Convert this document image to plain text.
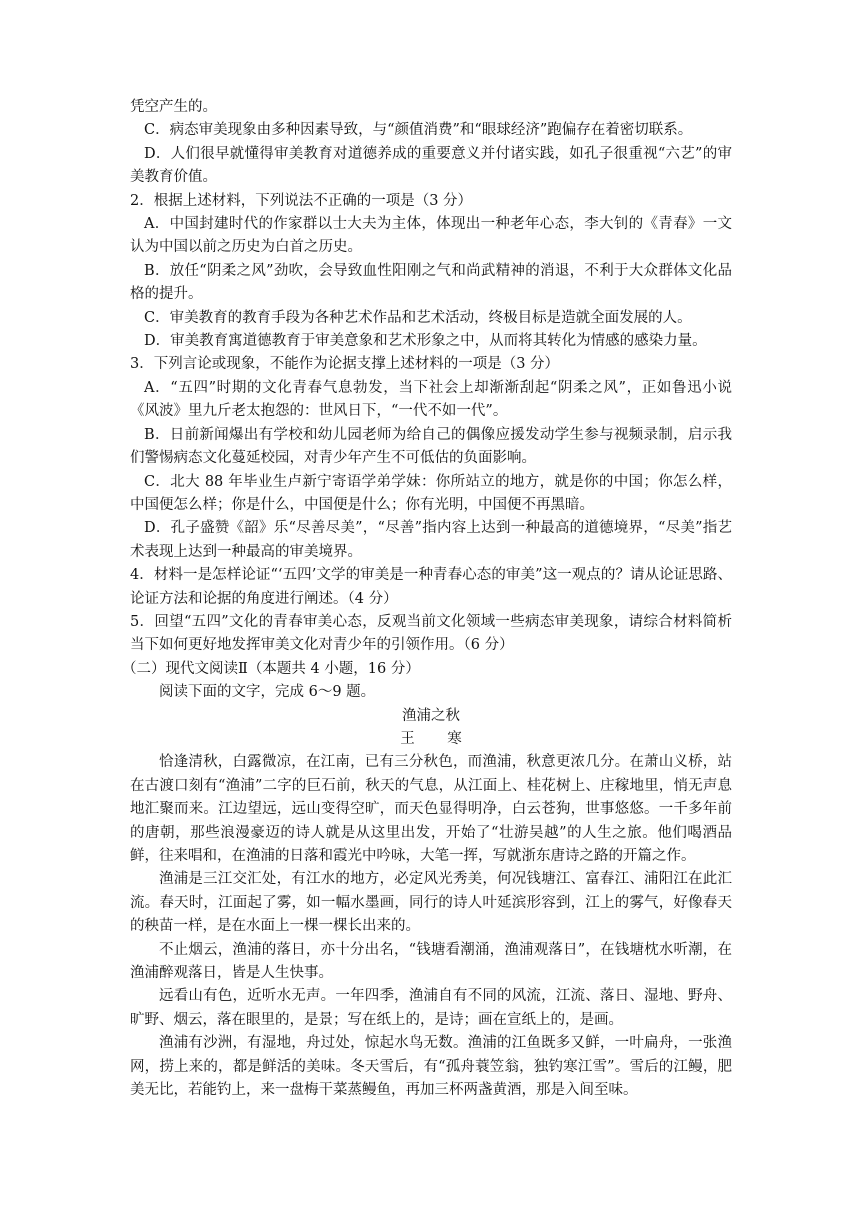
凭空产生的。

C．病态审美现象由多种因素导致，与“颜值消费”和“眼球经济”跑偏存在着密切联系。

D．人们很早就懂得审美教育对道德养成的重要意义并付诸实践，如孔子很重视“六艺”的审美教育价值。

2．根据上述材料，下列说法不正确的一项是（3 分）

A．中国封建时代的作家群以士大夫为主体，体现出一种老年心态，李大钊的《青春》一文认为中国以前之历史为白首之历史。

B．放任“阴柔之风”劲吹，会导致血性阳刚之气和尚武精神的消退，不利于大众群体文化品格的提升。

C．审美教育的教育手段为各种艺术作品和艺术活动，终极目标是造就全面发展的人。

D．审美教育寓道德教育于审美意象和艺术形象之中，从而将其转化为情感的感染力量。

3．下列言论或现象，不能作为论据支撑上述材料的一项是（3 分）

A．“五四”时期的文化青春气息勃发，当下社会上却渐渐刮起“阴柔之风”，正如鲁迅小说《风波》里九斤老太抱怨的：世风日下，“一代不如一代”。

B．日前新闻爆出有学校和幼儿园老师为给自己的偶像应援发动学生参与视频录制，启示我们警惕病态文化蔓延校园，对青少年产生不可低估的负面影响。

C．北大 88 年毕业生卢新宁寄语学弟学妹：你所站立的地方，就是你的中国；你怎么样，中国便怎么样；你是什么，中国便是什么；你有光明，中国便不再黑暗。

D．孔子盛赞《韶》乐“尽善尽美”，“尽善”指内容上达到一种最高的道德境界，“尽美”指艺术表现上达到一种最高的审美境界。

4．材料一是怎样论证“‘五四’文学的审美是一种青春心态的审美”这一观点的？请从论证思路、论证方法和论据的角度进行阐述。（4 分）

5．回望“五四”文化的青春审美心态，反观当前文化领域一些病态审美现象，请综合材料简析当下如何更好地发挥审美文化对青少年的引领作用。（6 分）

（二）现代文阅读Ⅱ（本题共 4 小题，16 分）

阅读下面的文字，完成 6～9 题。

渔浦之秋

王 寒

恰逢清秋，白露微凉，在江南，已有三分秋色，而渔浦，秋意更浓几分。在萧山义桥，站在古渡口刻有“渔浦”二字的巨石前，秋天的气息，从江面上、桂花树上、庄稼地里，悄无声息地汇聚而来。江边望远，远山变得空旷，而天色显得明净，白云苍狗，世事悠悠。一千多年前的唐朝，那些浪漫豪迈的诗人就是从这里出发，开始了“壮游吴越”的人生之旅。他们喝酒品鲜，往来唱和，在渔浦的日落和霞光中吟咏，大笔一挥，写就浙东唐诗之路的开篇之作。

渔浦是三江交汇处，有江水的地方，必定风光秀美，何况钱塘江、富春江、浦阳江在此汇流。春天时，江面起了雾，如一幅水墨画，同行的诗人叶延滨形容到，江上的雾气，好像春天的秧苗一样，是在水面上一棵一棵长出来的。

不止烟云，渔浦的落日，亦十分出名，“钱塘看潮涌，渔浦观落日”，在钱塘枕水听潮，在渔浦醉观落日，皆是人生快事。

远看山有色，近听水无声。一年四季，渔浦自有不同的风流，江流、落日、湿地、野舟、旷野、烟云，落在眼里的，是景；写在纸上的，是诗；画在宣纸上的，是画。

渔浦有沙洲，有湿地，舟过处，惊起水鸟无数。渔浦的江鱼既多又鲜，一叶扁舟，一张渔网，捞上来的，都是鲜活的美味。冬天雪后，有“孤舟蓑笠翁，独钓寒江雪”。雪后的江鳗，肥美无比，若能钓上，来一盘梅干菜蒸鳗鱼，再加三杯两盏黄酒，那是入间至味。
